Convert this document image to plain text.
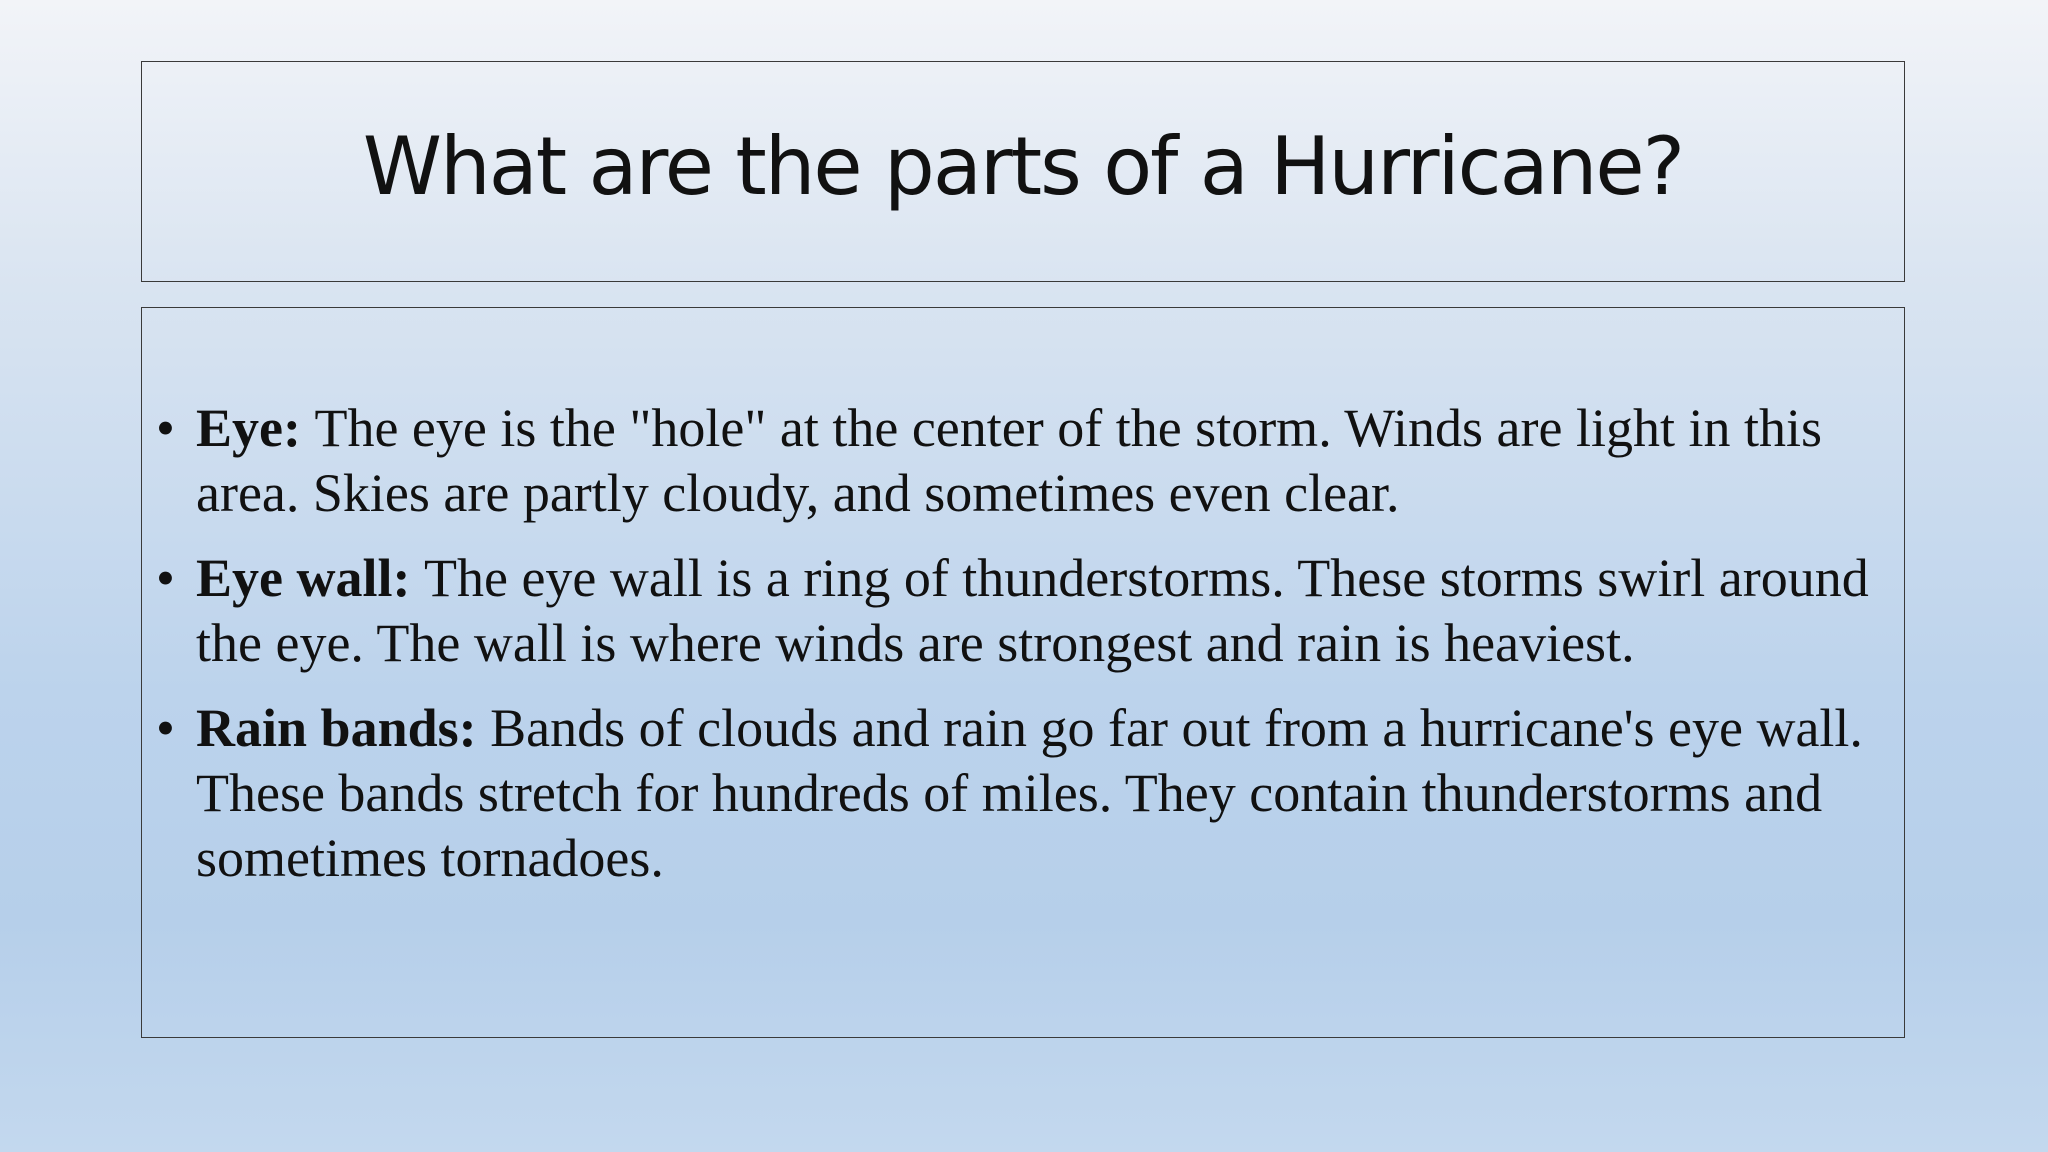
What are the parts of a Hurricane?
• Eye: The eye is the "hole" at the center of the storm. Winds are light in this area. Skies are partly cloudy, and sometimes even clear.
• Eye wall: The eye wall is a ring of thunderstorms. These storms swirl around the eye. The wall is where winds are strongest and rain is heaviest.
• Rain bands: Bands of clouds and rain go far out from a hurricane's eye wall. These bands stretch for hundreds of miles. They contain thunderstorms and sometimes tornadoes.
